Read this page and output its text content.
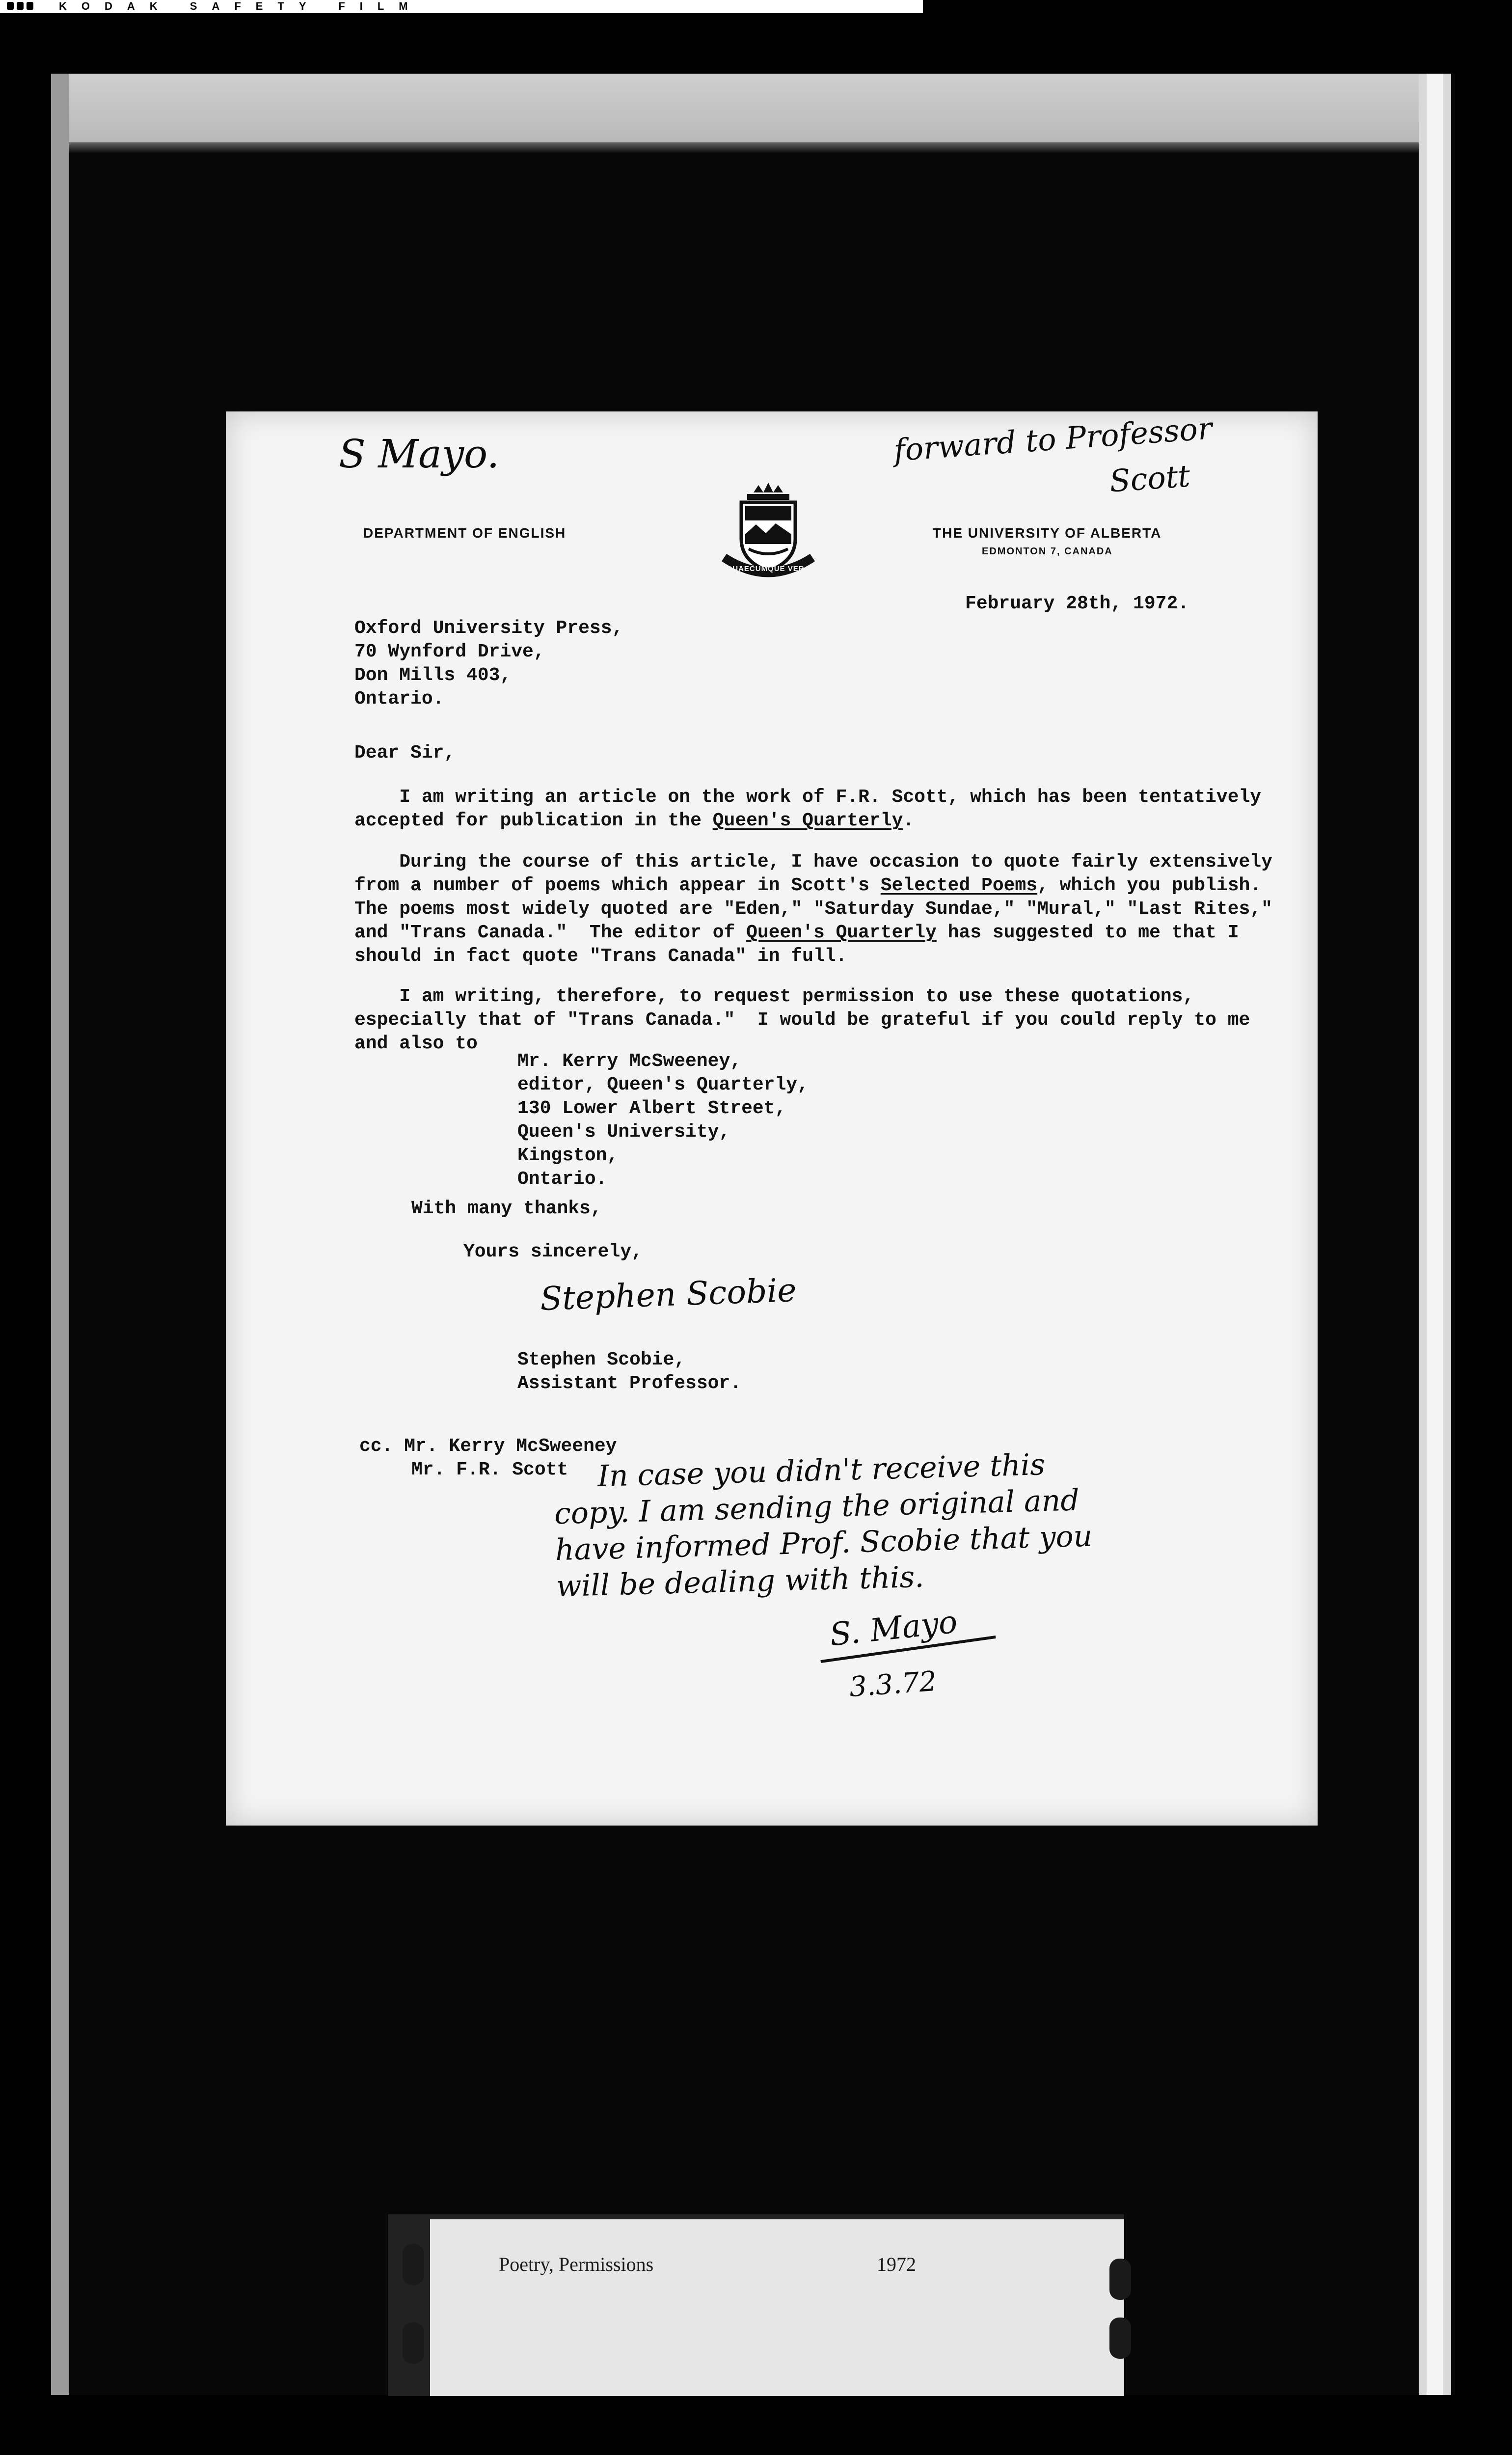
KODAK SAFETY FILM
S Mayo.	forward to Professor
Scott
DEPARTMENT OF ENGLISH
QUAECUMQUE VERA
THE UNIVERSITY OF ALBERTA
EDMONTON 7, CANADA
February 28th, 1972.
Oxford University Press,
70 Wynford Drive,
Don Mills 403,
Ontario.
Dear Sir,
I am writing an article on the work of F.R. Scott, which has been tentatively
accepted for publication in the Queen's Quarterly.
During the course of this article, I have occasion to quote fairly extensively
from a number of poems which appear in Scott's Selected Poems, which you publish.
The poems most widely quoted are "Eden," "Saturday Sundae," "Mural," "Last Rites,"
and "Trans Canada."  The editor of Queen's Quarterly has suggested to me that I
should in fact quote "Trans Canada" in full.
I am writing, therefore, to request permission to use these quotations,
especially that of "Trans Canada."  I would be grateful if you could reply to me
and also to
Mr. Kerry McSweeney,
editor, Queen's Quarterly,
130 Lower Albert Street,
Queen's University,
Kingston,
Ontario.
With many thanks,
Yours sincerely,
Stephen Scobie
Stephen Scobie,
Assistant Professor.
cc. Mr. Kerry McSweeney
Mr. F.R. Scott In case you didn't receive this
copy. I am sending the original and
have informed Prof. Scobie that you
will be dealing with this.
S. Mayo
3.3.72
Poetry, Permissions	1972
